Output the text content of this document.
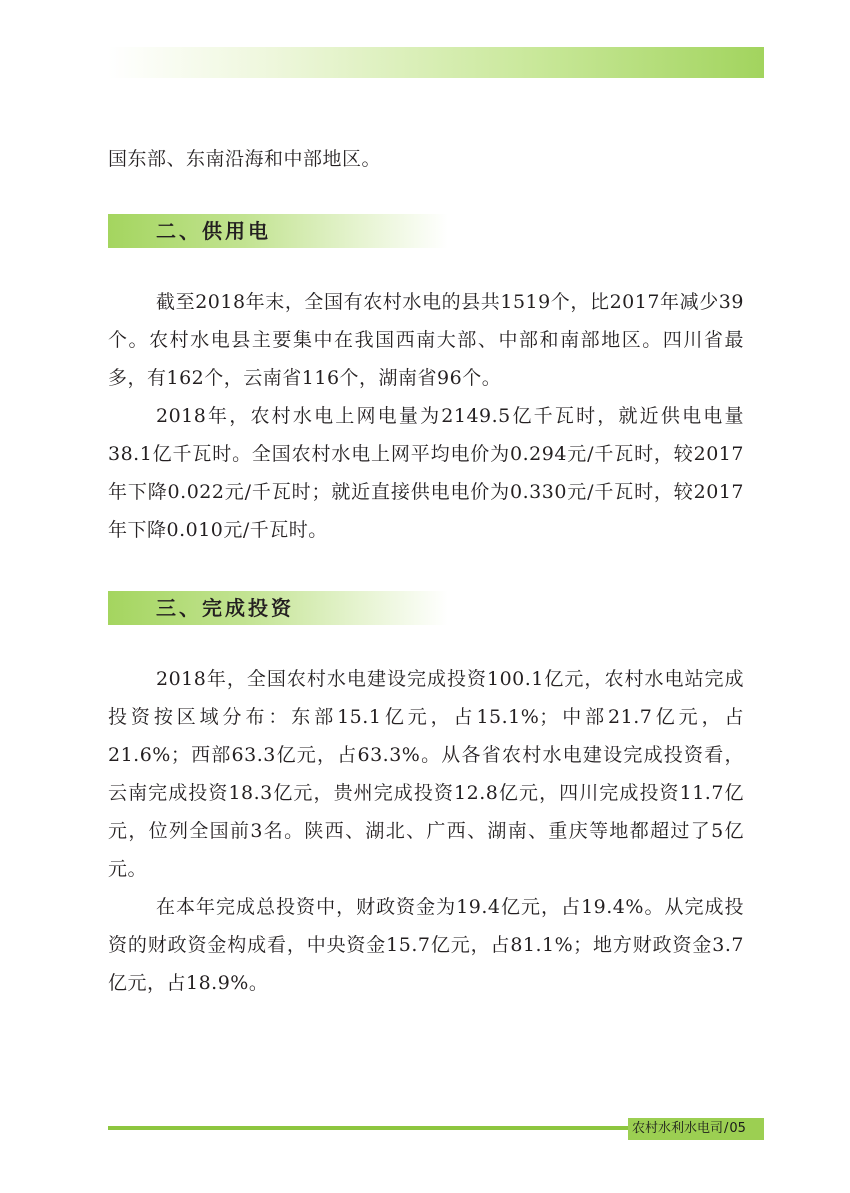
国东部、东南沿海和中部地区。

二、供用电

截至2018年末，全国有农村水电的县共1519个，比2017年减少39个。农村水电县主要集中在我国西南大部、中部和南部地区。四川省最多，有162个，云南省116个，湖南省96个。

2018年，农村水电上网电量为2149.5亿千瓦时，就近供电电量38.1亿千瓦时。全国农村水电上网平均电价为0.294元/千瓦时，较2017年下降0.022元/千瓦时；就近直接供电电价为0.330元/千瓦时，较2017年下降0.010元/千瓦时。

三、完成投资

2018年，全国农村水电建设完成投资100.1亿元，农村水电站完成投资按区域分布：东部15.1亿元，占15.1%；中部21.7亿元，占21.6%；西部63.3亿元，占63.3%。从各省农村水电建设完成投资看，云南完成投资18.3亿元，贵州完成投资12.8亿元，四川完成投资11.7亿元，位列全国前3名。陕西、湖北、广西、湖南、重庆等地都超过了5亿元。

在本年完成总投资中，财政资金为19.4亿元，占19.4%。从完成投资的财政资金构成看，中央资金15.7亿元，占81.1%；地方财政资金3.7亿元，占18.9%。

农村水利水电司/05
